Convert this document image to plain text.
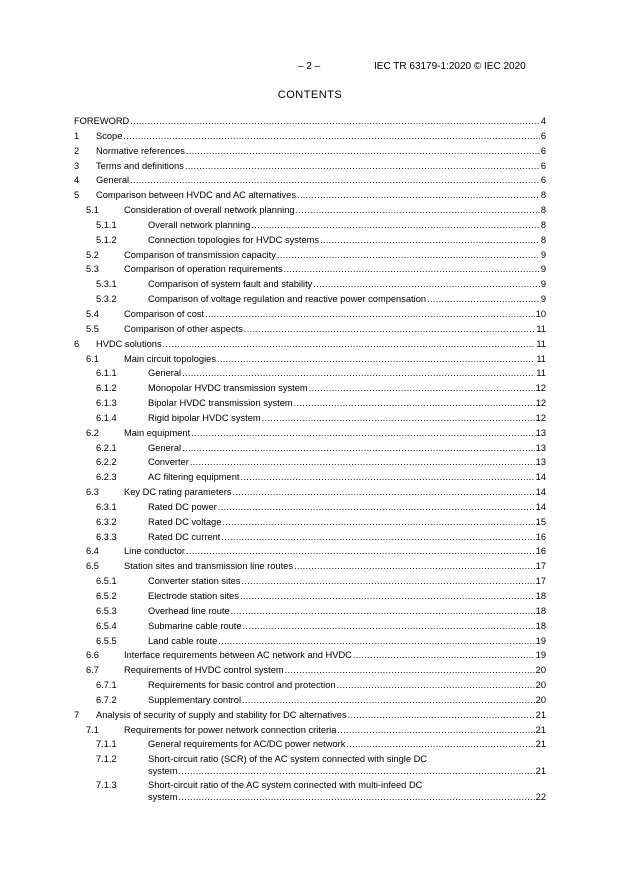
– 2 –	IEC TR 63179-1:2020 © IEC 2020
CONTENTS
FOREWORD .....	4
1 Scope .....	6
2 Normative references .....	6
3 Terms and definitions .....	6
4 General .....	6
5 Comparison between HVDC and AC alternatives .....	8
5.1	Consideration of overall network planning .....	8
5.1.1	Overall network planning .....	8
5.1.2	Connection topologies for HVDC systems .....	8
5.2	Comparison of transmission capacity .....	9
5.3	Comparison of operation requirements .....	9
5.3.1	Comparison of system fault and stability .....	9
5.3.2	Comparison of voltage regulation and reactive power compensation .....	9
5.4	Comparison of cost .....	10
5.5	Comparison of other aspects .....	11
6 HVDC solutions .....	11
6.1	Main circuit topologies .....	11
6.1.1	General .....	11
6.1.2	Monopolar HVDC transmission system .....	12
6.1.3	Bipolar HVDC transmission system .....	12
6.1.4	Rigid bipolar HVDC system .....	12
6.2	Main equipment .....	13
6.2.1	General .....	13
6.2.2	Converter .....	13
6.2.3	AC filtering equipment .....	14
6.3	Key DC rating parameters .....	14
6.3.1	Rated DC power .....	14
6.3.2	Rated DC voltage .....	15
6.3.3	Rated DC current .....	16
6.4	Line conductor .....	16
6.5	Station sites and transmission line routes .....	17
6.5.1	Converter station sites .....	17
6.5.2	Electrode station sites .....	18
6.5.3	Overhead line route .....	18
6.5.4	Submarine cable route .....	18
6.5.5	Land cable route .....	19
6.6	Interface requirements between AC network and HVDC .....	19
6.7	Requirements of HVDC control system .....	20
6.7.1	Requirements for basic control and protection .....	20
6.7.2	Supplementary control .....	20
7 Analysis of security of supply and stability for DC alternatives .....	21
7.1	Requirements for power network connection criteria .....	21
7.1.1	General requirements for AC/DC power network .....	21
7.1.2	Short-circuit ratio (SCR) of the AC system connected with single DC
system .....	21
7.1.3	Short-circuit ratio of the AC system connected with multi-infeed DC
system .....	22
